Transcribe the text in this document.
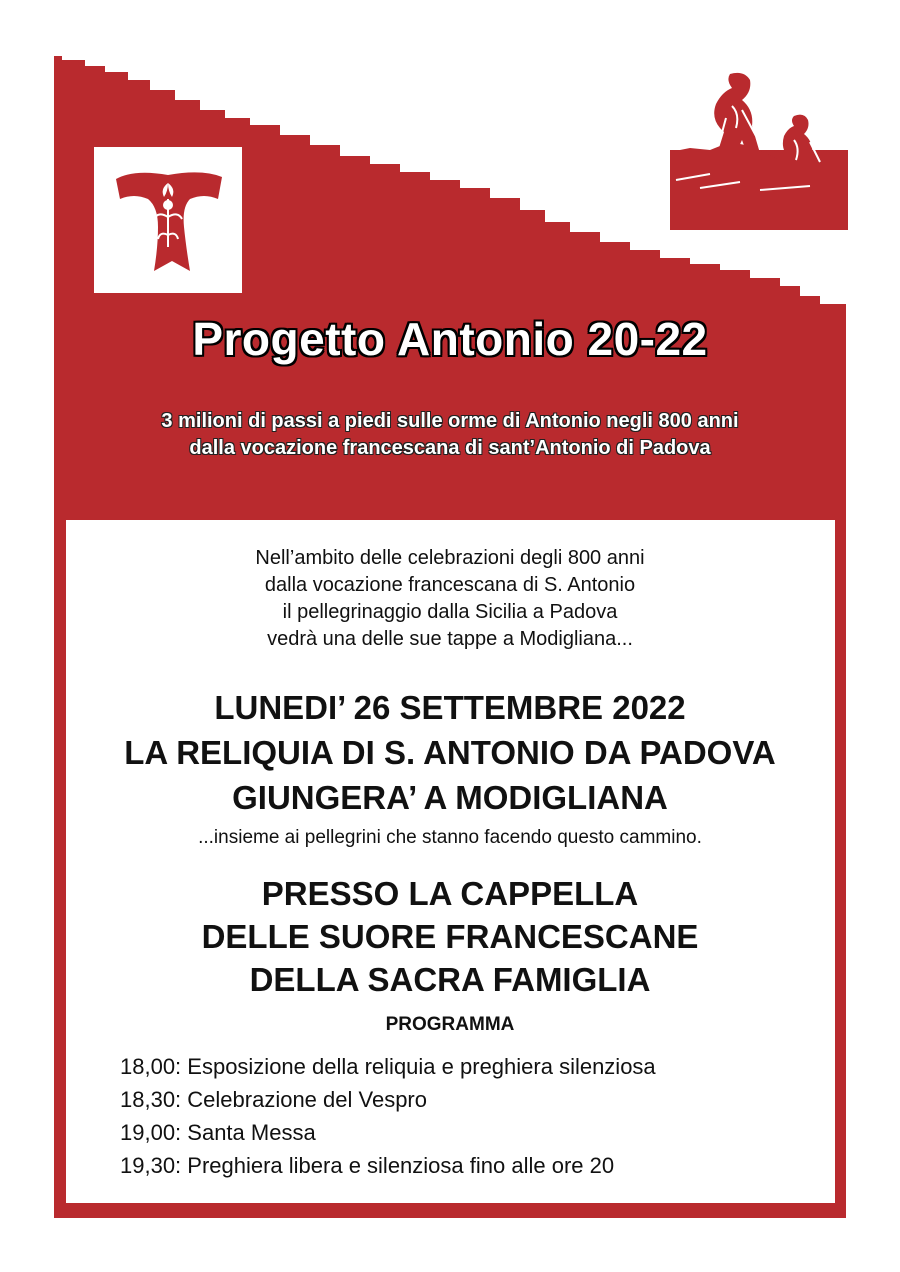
Progetto Antonio 20-22
3 milioni di passi a piedi sulle orme di Antonio negli 800 anni
dalla vocazione francescana di sant’Antonio di Padova
Nell’ambito delle celebrazioni degli 800 anni
dalla vocazione francescana di S. Antonio
il pellegrinaggio dalla Sicilia a Padova
vedrà una delle sue tappe a Modigliana...
LUNEDI’ 26 SETTEMBRE 2022
LA RELIQUIA DI S. ANTONIO DA PADOVA
GIUNGERA’ A MODIGLIANA
...insieme ai pellegrini che stanno facendo questo cammino.
PRESSO LA CAPPELLA
DELLE SUORE FRANCESCANE
DELLA SACRA FAMIGLIA
PROGRAMMA
18,00: Esposizione della reliquia e preghiera silenziosa
18,30: Celebrazione del Vespro
19,00: Santa Messa
19,30: Preghiera libera e silenziosa fino alle ore 20
